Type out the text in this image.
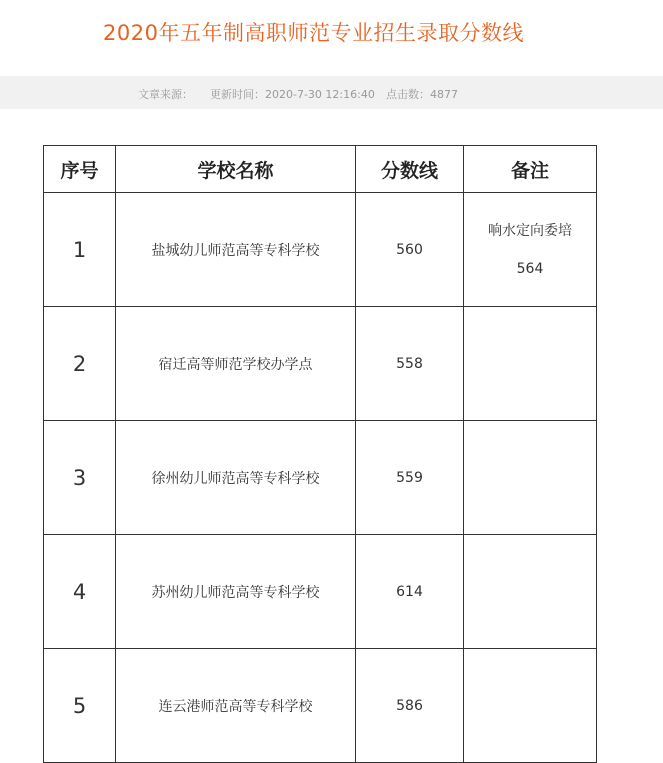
2020年五年制高职师范专业招生录取分数线
文章来源： 更新时间：2020-7-30 12:16:40 点击数：4877
序号	学校名称	分数线	备注
1	盐城幼儿师范高等专科学校	560	响水定向委培
564

2	宿迁高等师范学校办学点	558	
3	徐州幼儿师范高等专科学校	559	
4	苏州幼儿师范高等专科学校	614	
5	连云港师范高等专科学校	586	
